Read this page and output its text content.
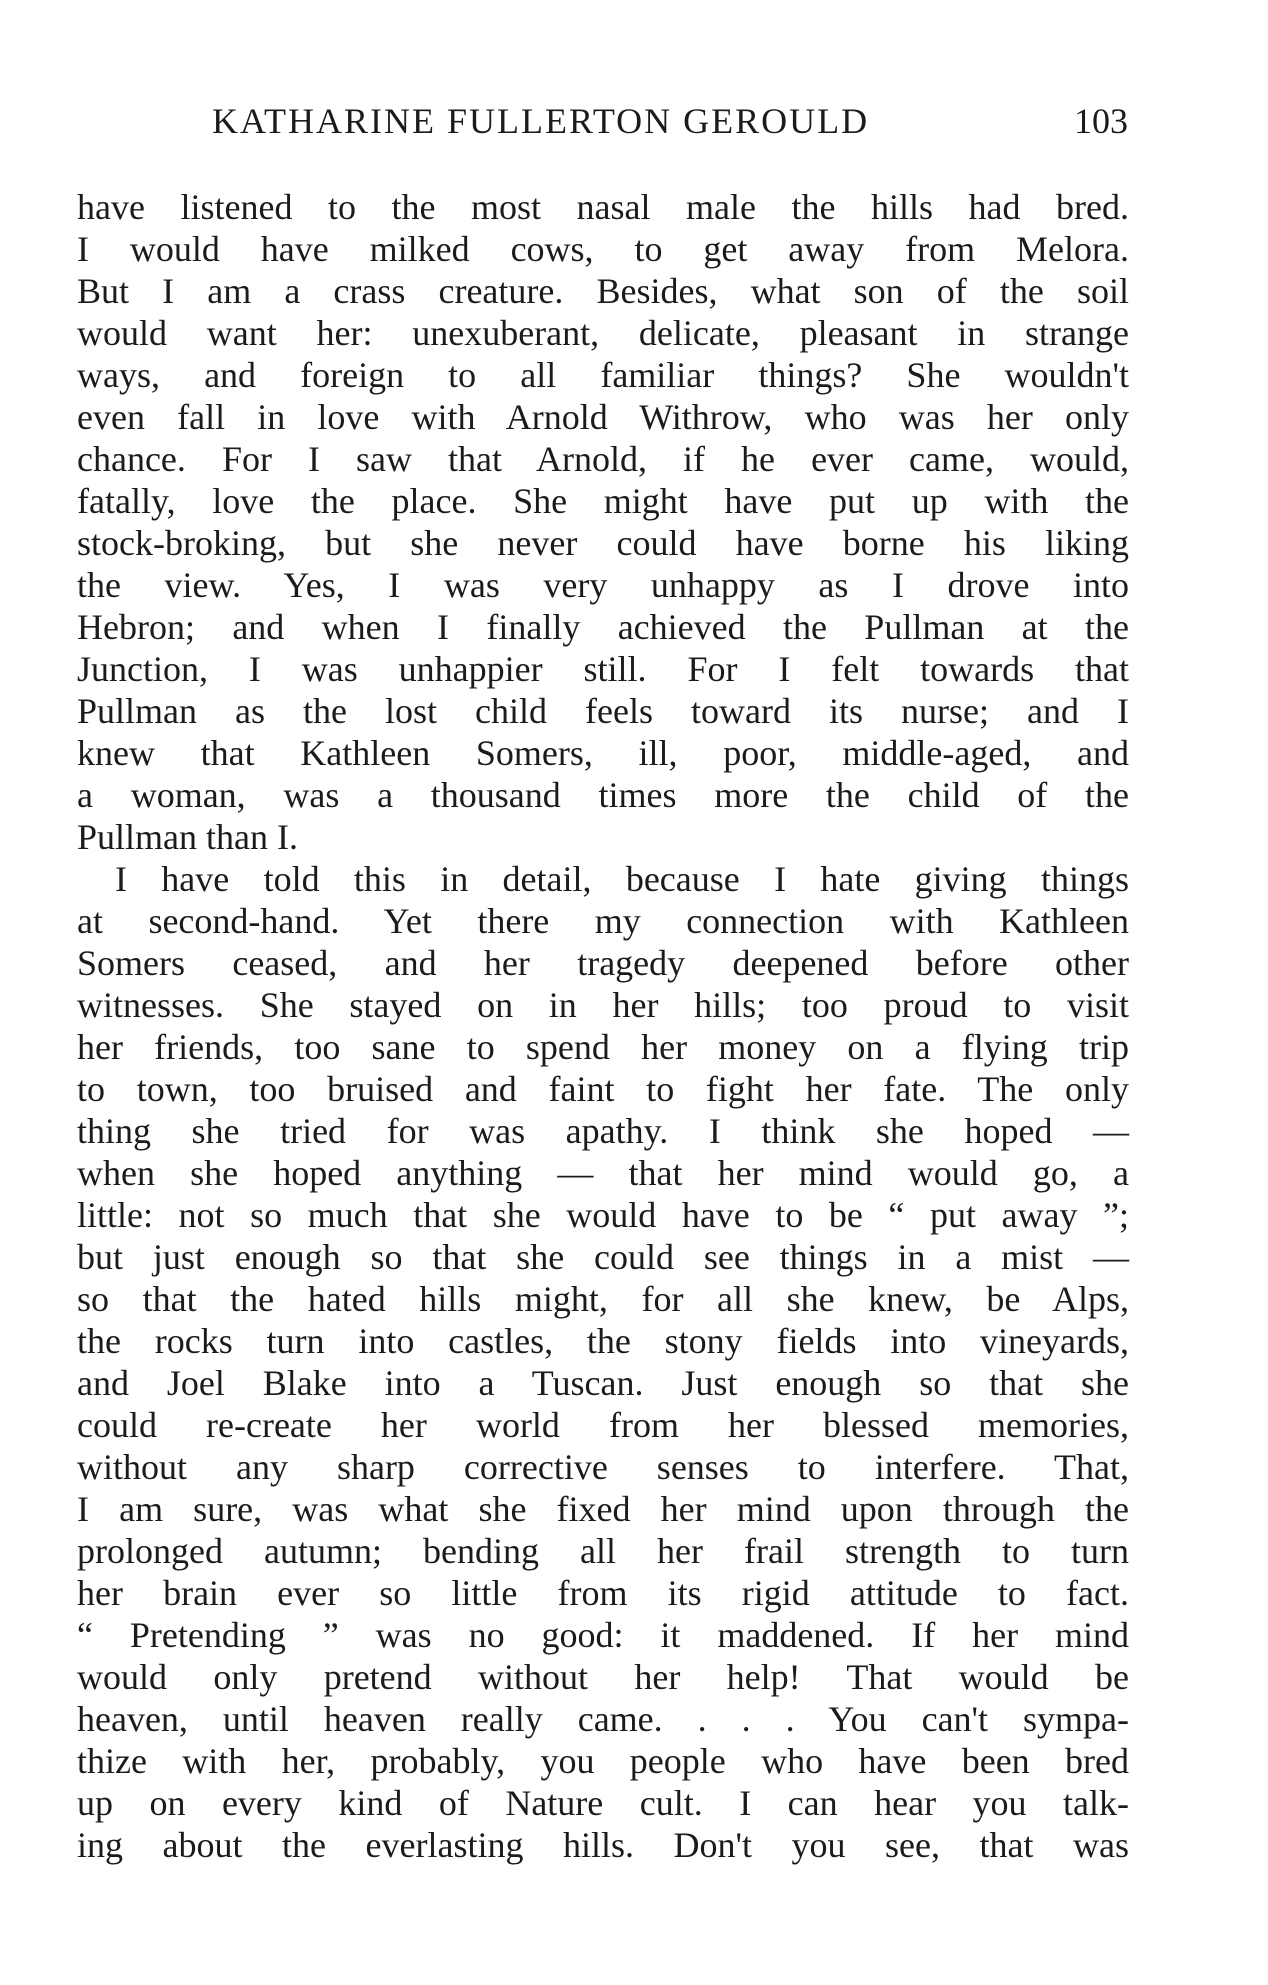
KATHARINE FULLERTON GEROULD	103
have listened to the most nasal male the hills had bred.
I would have milked cows, to get away from Melora.
But I am a crass creature. Besides, what son of the soil
would want her: unexuberant, delicate, pleasant in strange
ways, and foreign to all familiar things? She wouldn't
even fall in love with Arnold Withrow, who was her only
chance. For I saw that Arnold, if he ever came, would,
fatally, love the place. She might have put up with the
stock-broking, but she never could have borne his liking
the view. Yes, I was very unhappy as I drove into
Hebron; and when I finally achieved the Pullman at the
Junction, I was unhappier still. For I felt towards that
Pullman as the lost child feels toward its nurse; and I
knew that Kathleen Somers, ill, poor, middle-aged, and
a woman, was a thousand times more the child of the
Pullman than I.
I have told this in detail, because I hate giving things
at second-hand. Yet there my connection with Kathleen
Somers ceased, and her tragedy deepened before other
witnesses. She stayed on in her hills; too proud to visit
her friends, too sane to spend her money on a flying trip
to town, too bruised and faint to fight her fate. The only
thing she tried for was apathy. I think she hoped —
when she hoped anything — that her mind would go, a
little: not so much that she would have to be “ put away ”;
but just enough so that she could see things in a mist —
so that the hated hills might, for all she knew, be Alps,
the rocks turn into castles, the stony fields into vineyards,
and Joel Blake into a Tuscan. Just enough so that she
could re-create her world from her blessed memories,
without any sharp corrective senses to interfere. That,
I am sure, was what she fixed her mind upon through the
prolonged autumn; bending all her frail strength to turn
her brain ever so little from its rigid attitude to fact.
“ Pretending ” was no good: it maddened. If her mind
would only pretend without her help! That would be
heaven, until heaven really came. . . . You can't sympa-
thize with her, probably, you people who have been bred
up on every kind of Nature cult. I can hear you talk-
ing about the everlasting hills. Don't you see, that was
